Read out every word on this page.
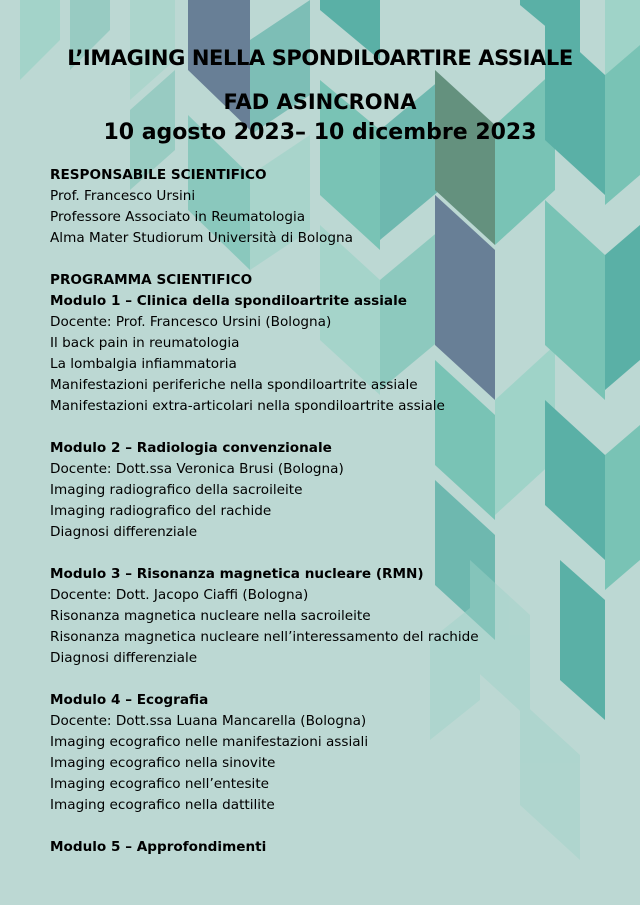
L’IMAGING NELLA SPONDILOARTIRE ASSIALE
FAD ASINCRONA
10 agosto 2023– 10 dicembre 2023
RESPONSABILE SCIENTIFICO
Prof. Francesco Ursini
Professore Associato in Reumatologia
Alma Mater Studiorum Università di Bologna
PROGRAMMA SCIENTIFICO
Modulo 1 – Clinica della spondiloartrite assiale
Docente: Prof. Francesco Ursini (Bologna)
Il back pain in reumatologia
La lombalgia infiammatoria
Manifestazioni periferiche nella spondiloartrite assiale
Manifestazioni extra-articolari nella spondiloartrite assiale
Modulo 2 – Radiologia convenzionale
Docente: Dott.ssa Veronica Brusi (Bologna)
Imaging radiografico della sacroileite
Imaging radiografico del rachide
Diagnosi differenziale
Modulo 3 – Risonanza magnetica nucleare (RMN)
Docente: Dott. Jacopo Ciaffi (Bologna)
Risonanza magnetica nucleare nella sacroileite
Risonanza magnetica nucleare nell’interessamento del rachide
Diagnosi differenziale
Modulo 4 – Ecografia
Docente: Dott.ssa Luana Mancarella (Bologna)
Imaging ecografico nelle manifestazioni assiali
Imaging ecografico nella sinovite
Imaging ecografico nell’entesite
Imaging ecografico nella dattilite
Modulo 5 – Approfondimenti
